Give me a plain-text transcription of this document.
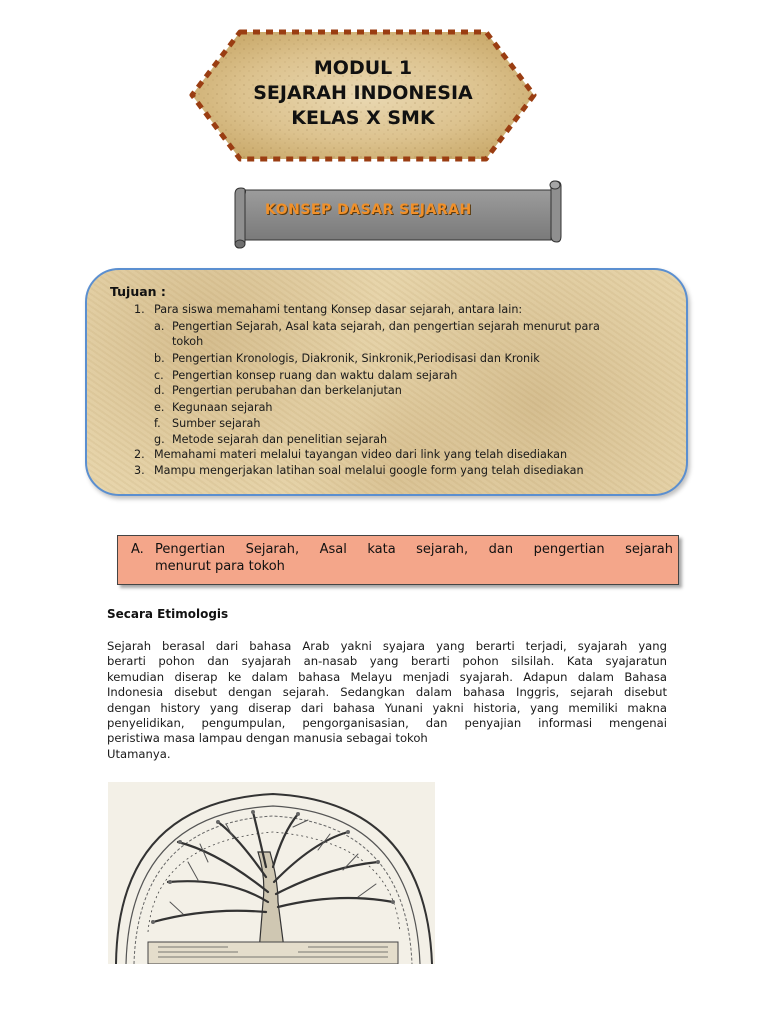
MODUL 1
SEJARAH INDONESIA
KELAS X SMK
KONSEP DASAR SEJARAH
Tujuan :
1. Para siswa memahami tentang Konsep dasar sejarah, antara lain:
a. Pengertian Sejarah, Asal kata sejarah, dan pengertian sejarah menurut para
tokoh
b. Pengertian Kronologis, Diakronik, Sinkronik,Periodisasi dan Kronik
c. Pengertian konsep ruang dan waktu dalam sejarah
d. Pengertian perubahan dan berkelanjutan
e. Kegunaan sejarah
f. Sumber sejarah
g. Metode sejarah dan penelitian sejarah
2. Memahami materi melalui tayangan video dari link yang telah disediakan
3. Mampu mengerjakan latihan soal melalui google form yang telah disediakan
A. Pengertian Sejarah, Asal kata sejarah, dan pengertian sejarah
menurut para tokoh
Secara Etimologis
Sejarah berasal dari bahasa Arab yakni syajara yang berarti terjadi, syajarah yang
berarti pohon dan syajarah an-nasab yang berarti pohon silsilah. Kata syajaratun
kemudian diserap ke dalam bahasa Melayu menjadi syajarah. Adapun dalam Bahasa
Indonesia disebut dengan sejarah. Sedangkan dalam bahasa Inggris, sejarah disebut
dengan history yang diserap dari bahasa Yunani yakni historia, yang memiliki makna
penyelidikan, pengumpulan, pengorganisasian, dan penyajian informasi mengenai
peristiwa masa lampau dengan manusia sebagai tokoh
Utamanya.
